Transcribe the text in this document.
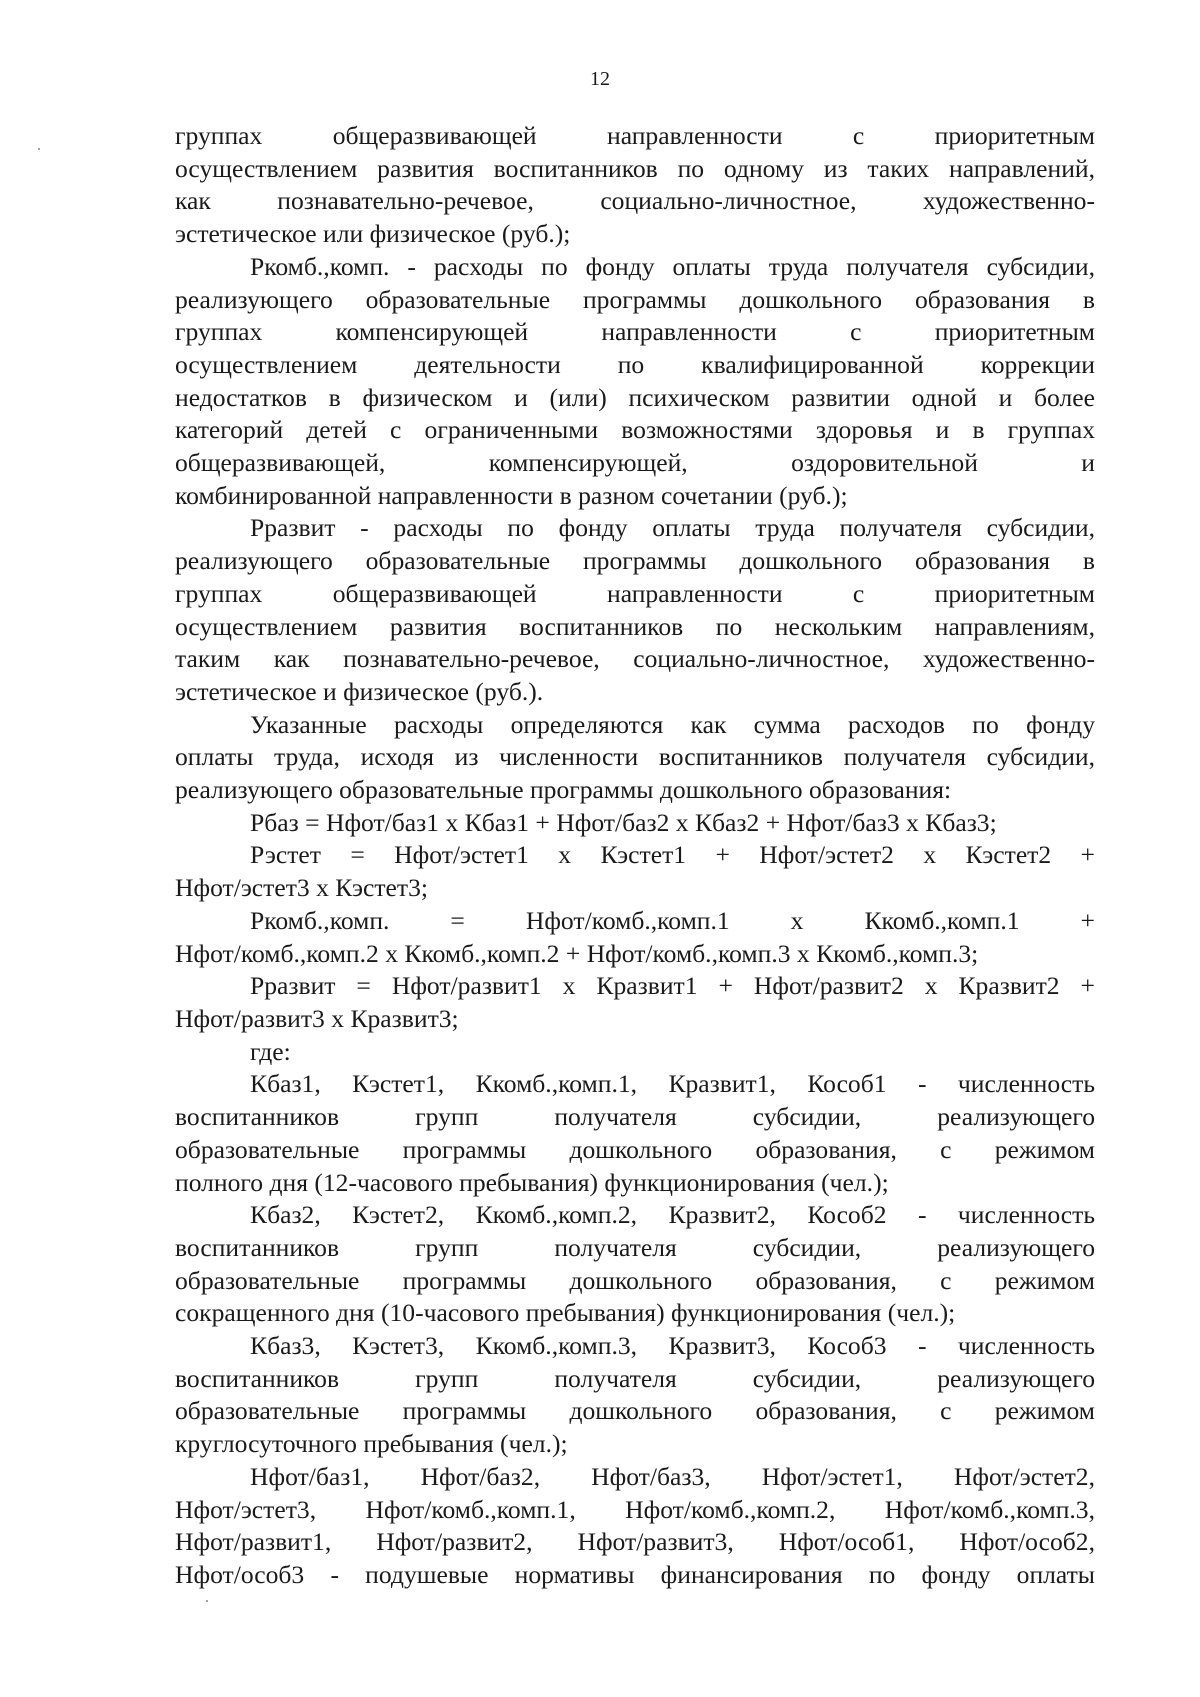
12
группах общеразвивающей направленности с приоритетным
осуществлением развития воспитанников по одному из таких направлений,
как познавательно-речевое, социально-личностное, художественно-
эстетическое или физическое (руб.);
Ркомб.,комп. - расходы по фонду оплаты труда получателя субсидии,
реализующего образовательные программы дошкольного образования в
группах компенсирующей направленности с приоритетным
осуществлением деятельности по квалифицированной коррекции
недостатков в физическом и (или) психическом развитии одной и более
категорий детей с ограниченными возможностями здоровья и в группах
общеразвивающей, компенсирующей, оздоровительной и
комбинированной направленности в разном сочетании (руб.);
Рразвит - расходы по фонду оплаты труда получателя субсидии,
реализующего образовательные программы дошкольного образования в
группах общеразвивающей направленности с приоритетным
осуществлением развития воспитанников по нескольким направлениям,
таким как познавательно-речевое, социально-личностное, художественно-
эстетическое и физическое (руб.).
Указанные расходы определяются как сумма расходов по фонду
оплаты труда, исходя из численности воспитанников получателя субсидии,
реализующего образовательные программы дошкольного образования:
Рбаз = Нфот/баз1 х Кбаз1 + Нфот/баз2 х Кбаз2 + Нфот/баз3 х Кбаз3;
Рэстет = Нфот/эстет1 х Кэстет1 + Нфот/эстет2 х Кэстет2 +
Нфот/эстет3 х Кэстет3;
Ркомб.,комп. = Нфот/комб.,комп.1 х Ккомб.,комп.1 +
Нфот/комб.,комп.2 х Ккомб.,комп.2 + Нфот/комб.,комп.3 х Ккомб.,комп.3;
Рразвит = Нфот/развит1 х Кразвит1 + Нфот/развит2 х Кразвит2 +
Нфот/развит3 х Кразвит3;
где:
Кбаз1, Кэстет1, Ккомб.,комп.1, Кразвит1, Кособ1 - численность
воспитанников групп получателя субсидии, реализующего
образовательные программы дошкольного образования, с режимом
полного дня (12-часового пребывания) функционирования (чел.);
Кбаз2, Кэстет2, Ккомб.,комп.2, Кразвит2, Кособ2 - численность
воспитанников групп получателя субсидии, реализующего
образовательные программы дошкольного образования, с режимом
сокращенного дня (10-часового пребывания) функционирования (чел.);
Кбаз3, Кэстет3, Ккомб.,комп.3, Кразвит3, Кособ3 - численность
воспитанников групп получателя субсидии, реализующего
образовательные программы дошкольного образования, с режимом
круглосуточного пребывания (чел.);
Нфот/баз1, Нфот/баз2, Нфот/баз3, Нфот/эстет1, Нфот/эстет2,
Нфот/эстет3, Нфот/комб.,комп.1, Нфот/комб.,комп.2, Нфот/комб.,комп.3,
Нфот/развит1, Нфот/развит2, Нфот/развит3, Нфот/особ1, Нфот/особ2,
Нфот/особ3 - подушевые нормативы финансирования по фонду оплаты
